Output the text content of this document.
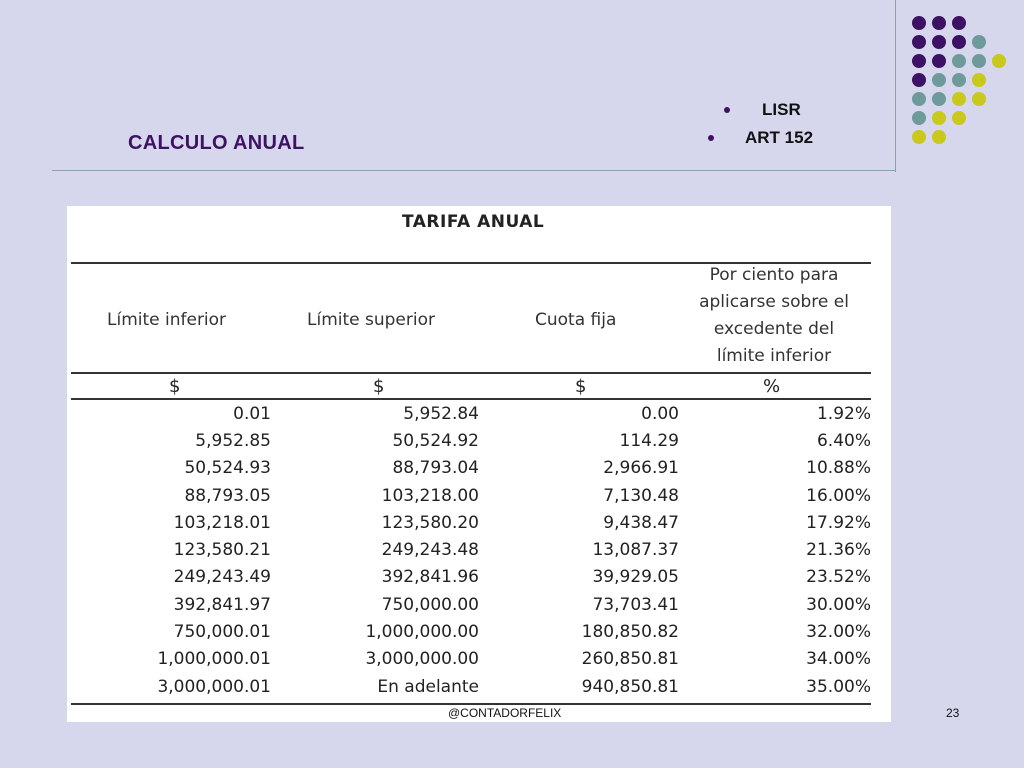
CALCULO ANUAL
LISR
ART 152
TARIFA ANUAL
Límite inferior	Límite superior	Cuota fija
Por ciento para
aplicarse sobre el
excedente del
límite inferior
$	$	$	%
0.01	5,952.84	0.00	1.92%
5,952.85	50,524.92	114.29	6.40%
50,524.93	88,793.04	2,966.91	10.88%
88,793.05	103,218.00	7,130.48	16.00%
103,218.01	123,580.20	9,438.47	17.92%
123,580.21	249,243.48	13,087.37	21.36%
249,243.49	392,841.96	39,929.05	23.52%
392,841.97	750,000.00	73,703.41	30.00%
750,000.01	1,000,000.00	180,850.82	32.00%
1,000,000.01	3,000,000.00	260,850.81	34.00%
3,000,000.01	En adelante	940,850.81	35.00%
@CONTADORFELIX	23
